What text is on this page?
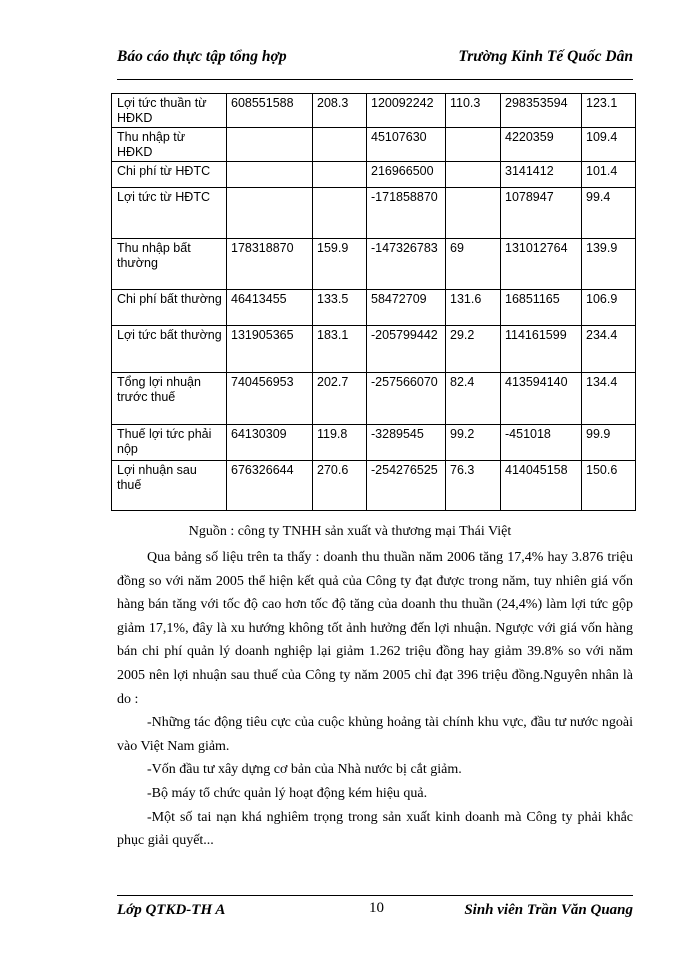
Báo cáo thực tập tổng hợp	Trường Kinh Tế Quốc Dân
Lợi tức thuần từ HĐKD	608551588	208.3	120092242	110.3	298353594	123.1
Thu nhập từ HĐKD			45107630		4220359	109.4
Chi phí từ HĐTC			216966500		3141412	101.4
Lợi tức từ HĐTC			-171858870		1078947	99.4
Thu nhập bất thường	178318870	159.9	-147326783	69	131012764	139.9
Chi phí bất thường	46413455	133.5	58472709	131.6	16851165	106.9
Lợi tức bất thường	131905365	183.1	-205799442	29.2	114161599	234.4
Tổng lợi nhuận trước thuế	740456953	202.7	-257566070	82.4	413594140	134.4
Thuế lợi tức phải nộp	64130309	119.8	-3289545	99.2	-451018	99.9
Lợi nhuận sau thuế	676326644	270.6	-254276525	76.3	414045158	150.6
Nguồn : công ty TNHH sản xuất và thương mại Thái Việt

Qua bảng số liệu trên ta thấy : doanh thu thuần năm 2006 tăng 17,4% hay 3.876 triệu đồng so với năm 2005 thể hiện kết quả của Công ty đạt được trong năm, tuy nhiên giá vốn hàng bán tăng với tốc độ cao hơn tốc độ tăng của doanh thu thuần (24,4%) làm lợi tức gộp giảm 17,1%, đây là xu hướng không tốt ảnh hưởng đến lợi nhuận. Ngược với giá vốn hàng bán chi phí quản lý doanh nghiệp lại giảm 1.262 triệu đồng hay giảm 39.8% so với năm 2005 nên lợi nhuận sau thuế của Công ty năm 2005 chỉ đạt 396 triệu đồng.Nguyên nhân là do :

-Những tác động tiêu cực của cuộc khủng hoảng tài chính khu vực, đầu tư nước ngoài vào Việt Nam giảm.

-Vốn đầu tư xây dựng cơ bản của Nhà nước bị cắt giảm.

-Bộ máy tổ chức quản lý hoạt động kém hiệu quả.

-Một số tai nạn khá nghiêm trọng trong sản xuất kinh doanh mà Công ty phải khắc phục giải quyết...

Lớp QTKD-TH A	10	Sinh viên Trần Văn Quang
